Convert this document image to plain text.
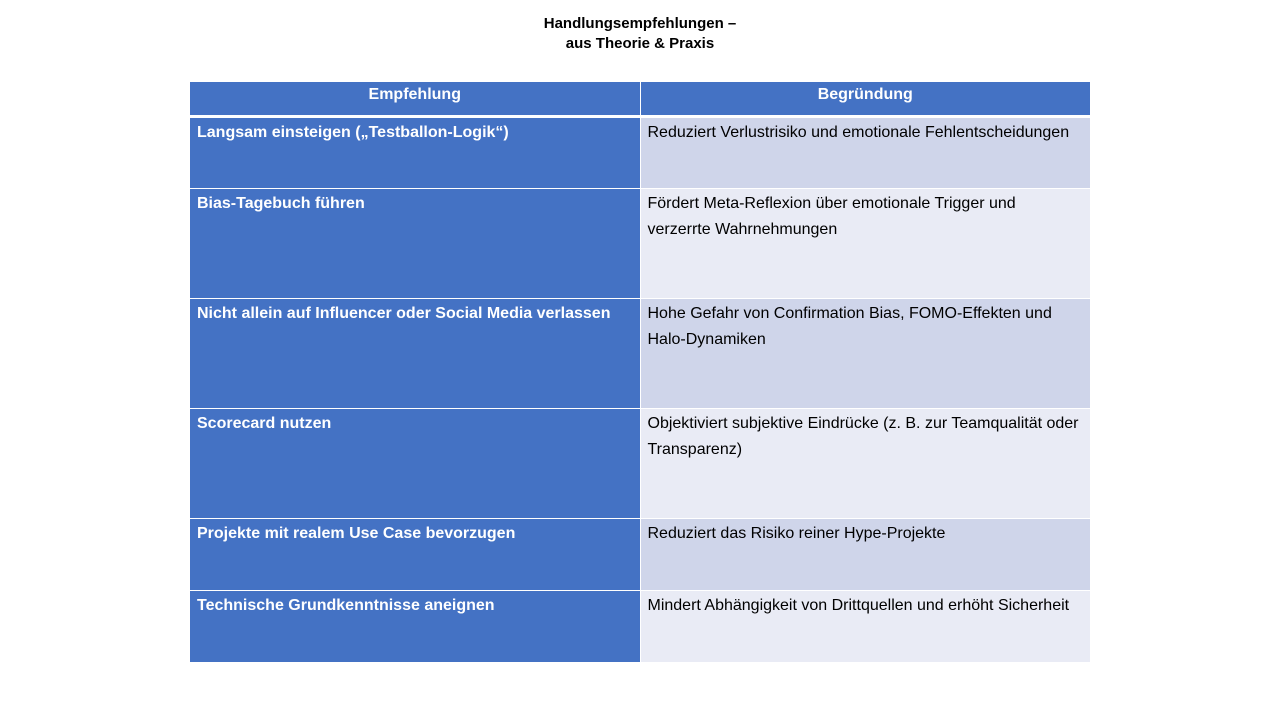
Handlungsempfehlungen –
aus Theorie & Praxis
Empfehlung	Begründung
Langsam einsteigen („Testballon-Logik“)	Reduziert Verlustrisiko und emotionale Fehlentscheidungen
Bias-Tagebuch führen	Fördert Meta-Reflexion über emotionale Trigger und verzerrte Wahrnehmungen
Nicht allein auf Influencer oder Social Media verlassen	Hohe Gefahr von Confirmation Bias, FOMO-Effekten und Halo-Dynamiken
Scorecard nutzen	Objektiviert subjektive Eindrücke (z. B. zur Teamqualität oder Transparenz)
Projekte mit realem Use Case bevorzugen	Reduziert das Risiko reiner Hype-Projekte
Technische Grundkenntnisse aneignen	Mindert Abhängigkeit von Drittquellen und erhöht Sicherheit
